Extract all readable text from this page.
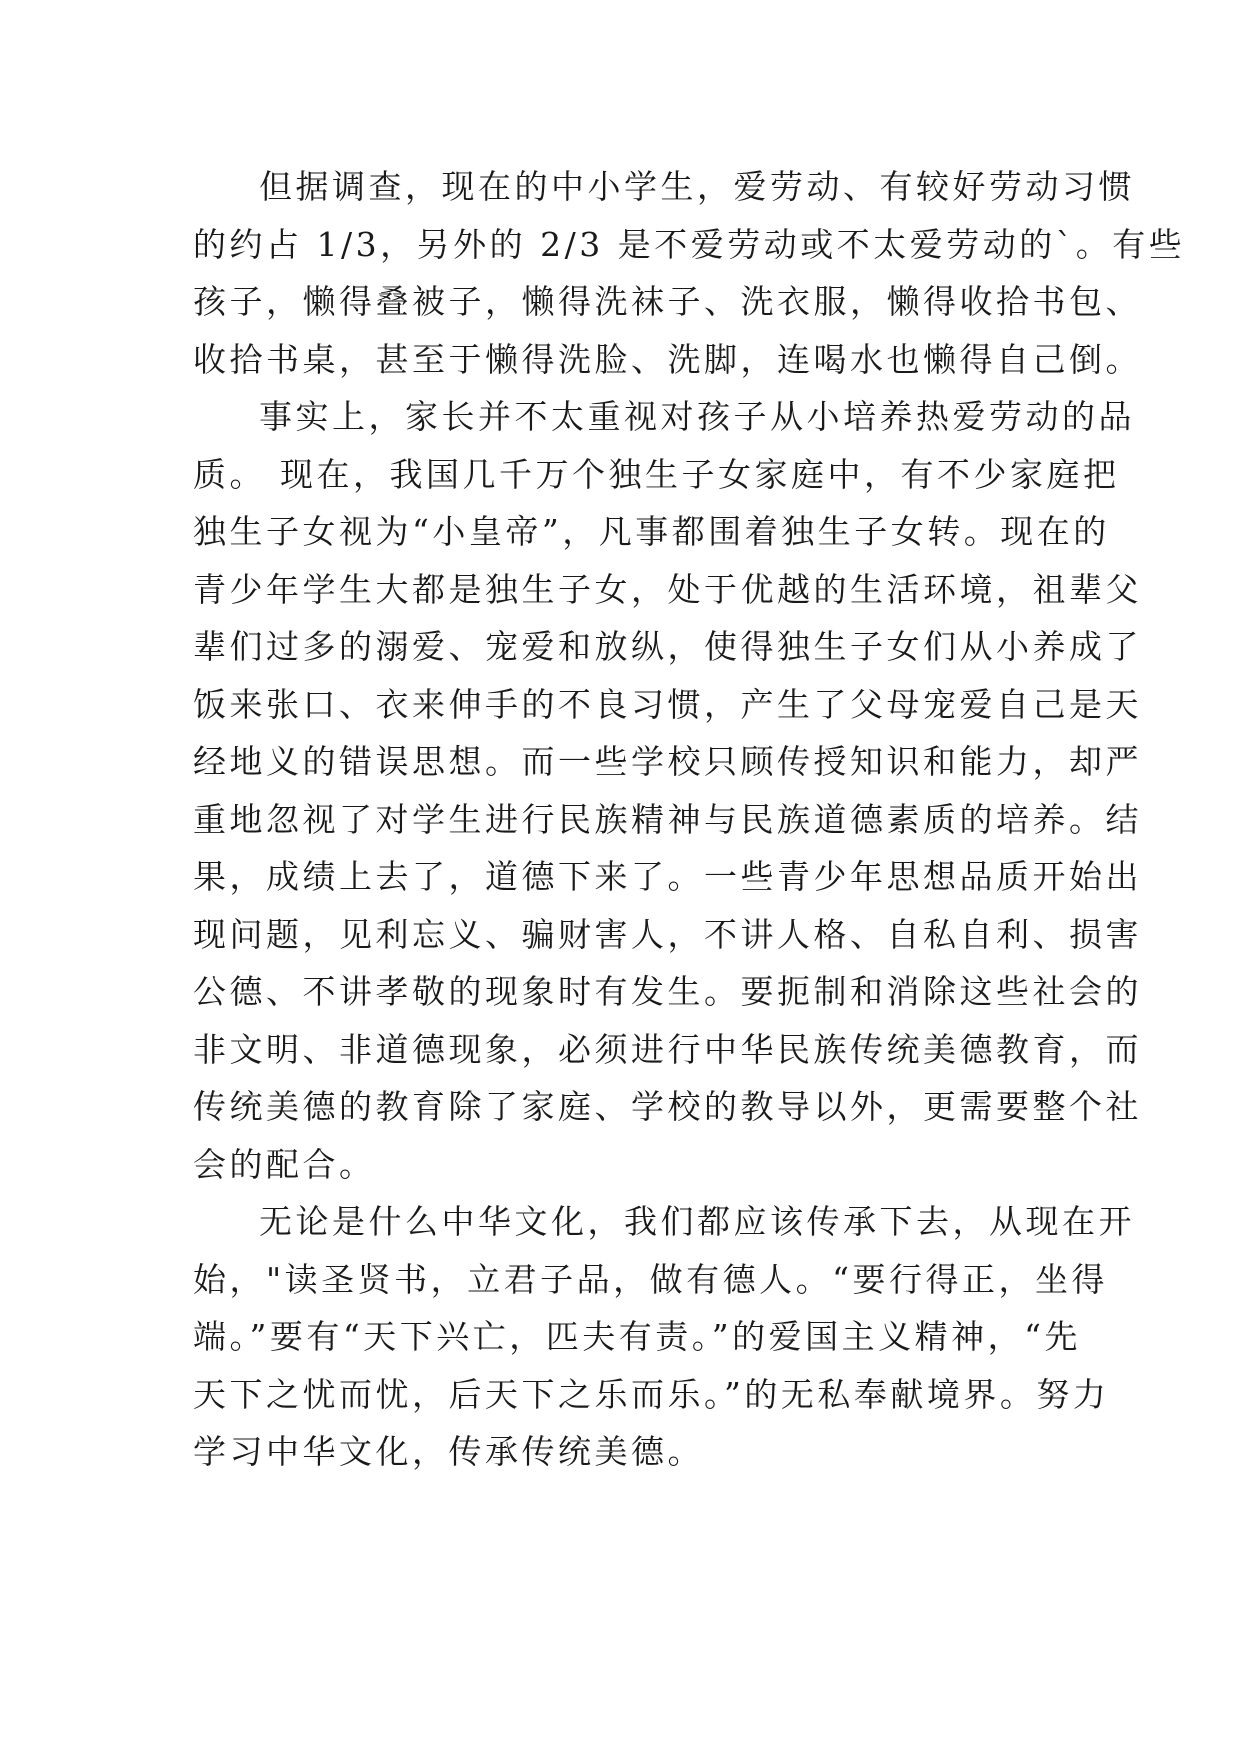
但据调查，现在的中小学生，爱劳动、有较好劳动习惯
的约占 1/3，另外的 2/3 是不爱劳动或不太爱劳动的`。有些
孩子，懒得叠被子，懒得洗袜子、洗衣服，懒得收拾书包、
收拾书桌，甚至于懒得洗脸、洗脚，连喝水也懒得自己倒。
事实上，家长并不太重视对孩子从小培养热爱劳动的品
质。 现在，我国几千万个独生子女家庭中，有不少家庭把
独生子女视为“小皇帝”，凡事都围着独生子女转。现在的
青少年学生大都是独生子女，处于优越的生活环境，祖辈父
辈们过多的溺爱、宠爱和放纵，使得独生子女们从小养成了
饭来张口、衣来伸手的不良习惯，产生了父母宠爱自己是天
经地义的错误思想。而一些学校只顾传授知识和能力，却严
重地忽视了对学生进行民族精神与民族道德素质的培养。结
果，成绩上去了，道德下来了。一些青少年思想品质开始出
现问题，见利忘义、骗财害人，不讲人格、自私自利、损害
公德、不讲孝敬的现象时有发生。要扼制和消除这些社会的
非文明、非道德现象，必须进行中华民族传统美德教育，而
传统美德的教育除了家庭、学校的教导以外，更需要整个社
会的配合。
无论是什么中华文化，我们都应该传承下去，从现在开
始，"读圣贤书，立君子品，做有德人。“要行得正，坐得
端。”要有“天下兴亡，匹夫有责。”的爱国主义精神，“先
天下之忧而忧，后天下之乐而乐。”的无私奉献境界。努力
学习中华文化，传承传统美德。
